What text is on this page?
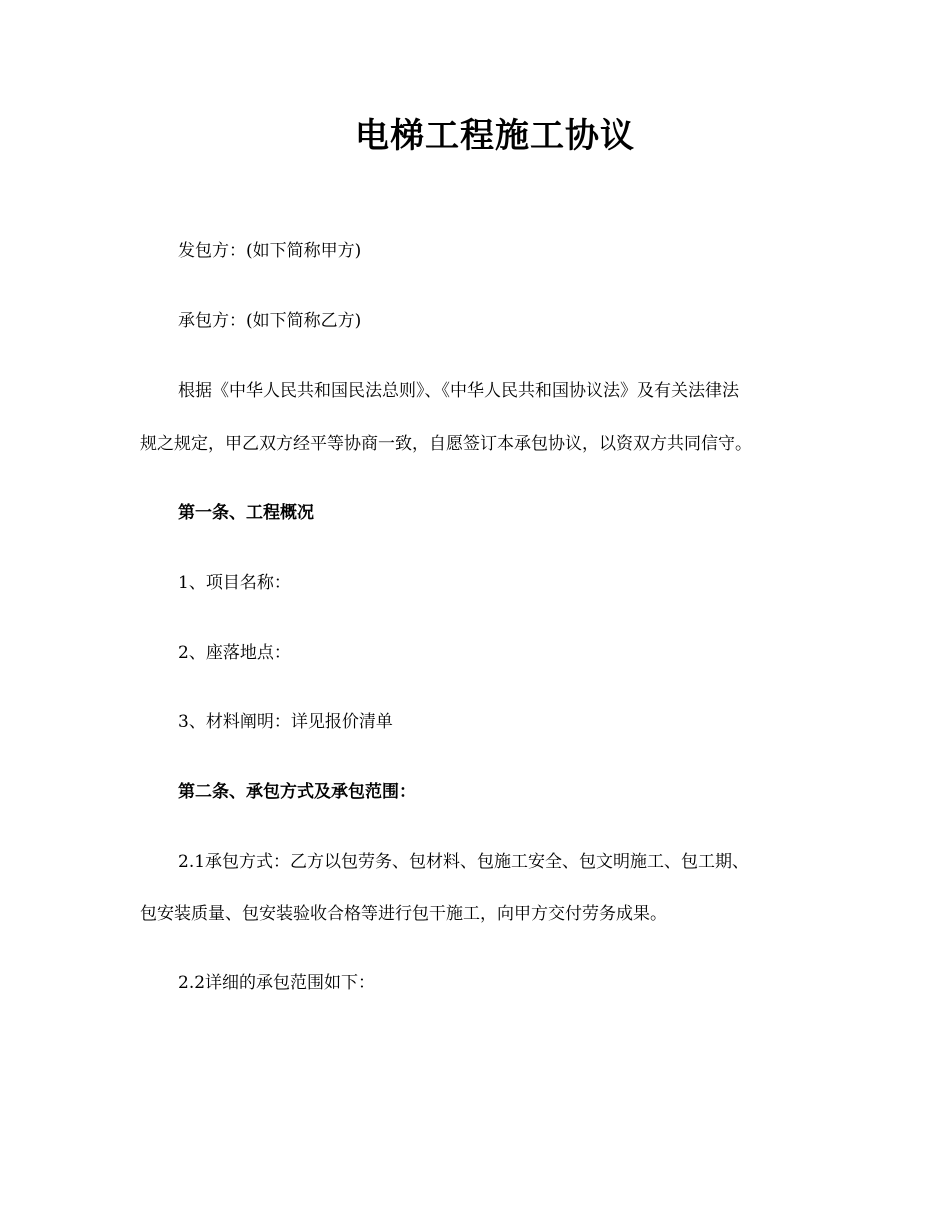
电梯工程施工协议

发包方：(如下简称甲方)

承包方：(如下简称乙方)

根据《中华人民共和国民法总则》、《中华人民共和国协议法》及有关法律法

规之规定，甲乙双方经平等协商一致，自愿签订本承包协议，以资双方共同信守。

第一条、工程概况

1、项目名称：

2、座落地点：

3、材料阐明：详见报价清单

第二条、承包方式及承包范围：

2.1承包方式：乙方以包劳务、包材料、包施工安全、包文明施工、包工期、

包安装质量、包安装验收合格等进行包干施工，向甲方交付劳务成果。

2.2详细的承包范围如下：
